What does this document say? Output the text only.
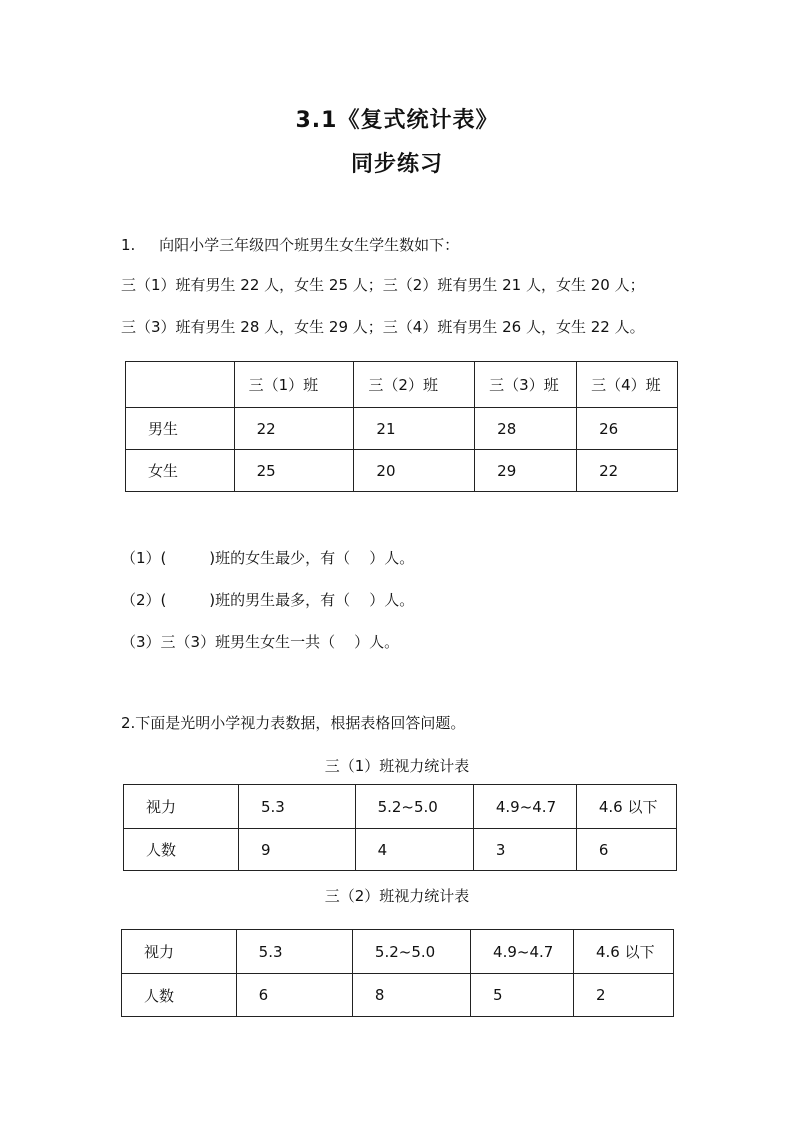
3.1《复式统计表》
同步练习
1.     向阳小学三年级四个班男生女生学生数如下：
三（1）班有男生 22 人，女生 25 人；三（2）班有男生 21 人，女生 20 人；
三（3）班有男生 28 人，女生 29 人；三（4）班有男生 26 人，女生 22 人。
	三（1）班	三（2）班	三（3）班	三（4）班
男生	22	21	28	26
女生	25	20	29	22
（1）(         )班的女生最少，有（    ）人。
（2）(         )班的男生最多，有（    ）人。
（3）三（3）班男生女生一共（    ）人。
2.下面是光明小学视力表数据，根据表格回答问题。
三（1）班视力统计表
视力	5.3	5.2~5.0	4.9~4.7	4.6 以下
人数	9	4	3	6
三（2）班视力统计表
视力	5.3	5.2~5.0	4.9~4.7	4.6 以下
人数	6	8	5	2
